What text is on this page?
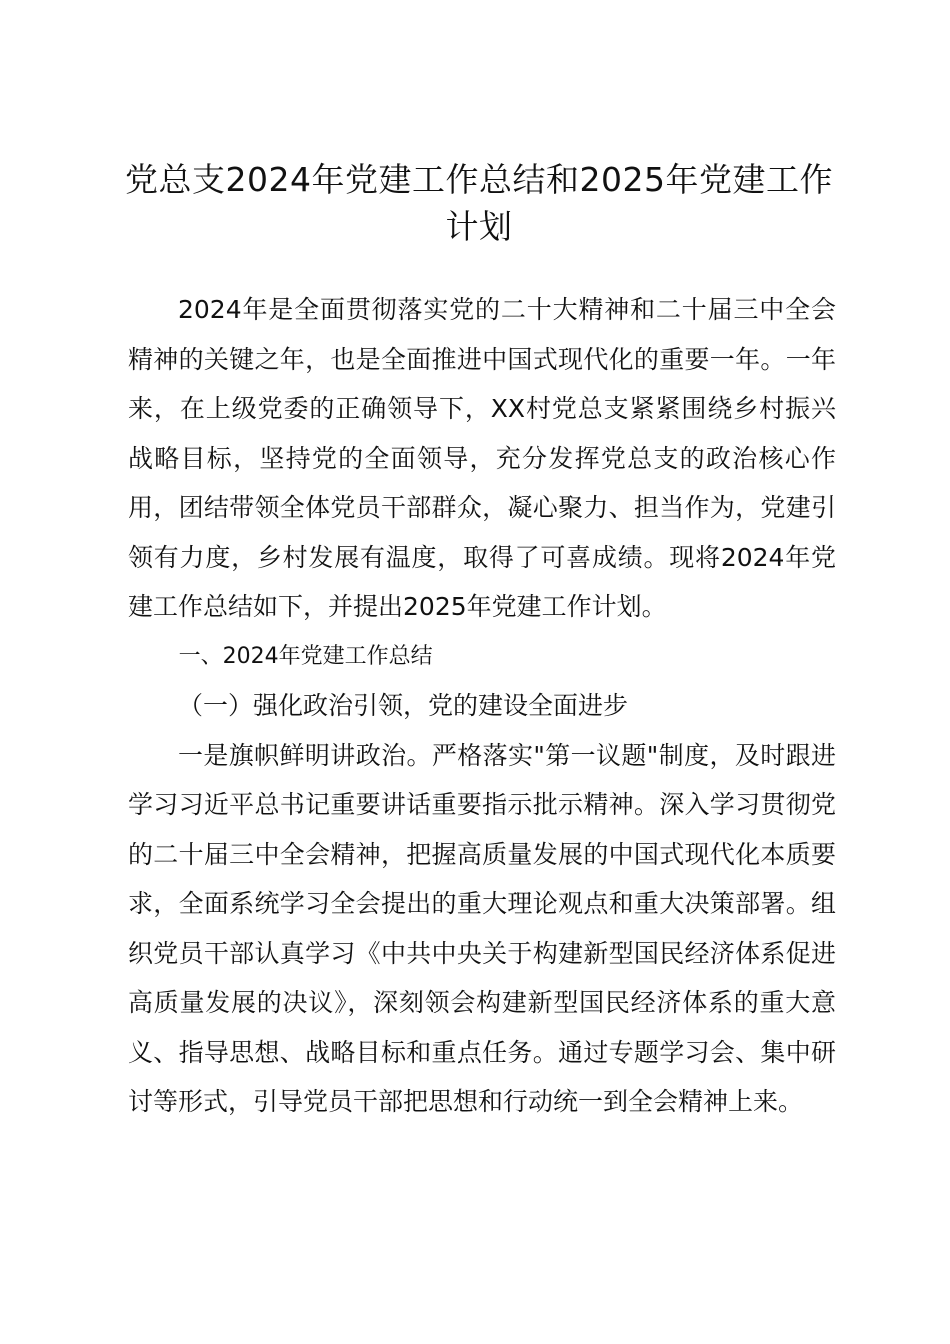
党总支2024年党建工作总结和2025年党建工作计划

2024年是全面贯彻落实党的二十大精神和二十届三中全会精神的关键之年，也是全面推进中国式现代化的重要一年。一年来，在上级党委的正确领导下，XX村党总支紧紧围绕乡村振兴战略目标，坚持党的全面领导，充分发挥党总支的政治核心作用，团结带领全体党员干部群众，凝心聚力、担当作为，党建引领有力度，乡村发展有温度，取得了可喜成绩。现将2024年党建工作总结如下，并提出2025年党建工作计划。

一、2024年党建工作总结

（一）强化政治引领，党的建设全面进步

一是旗帜鲜明讲政治。严格落实"第一议题"制度，及时跟进学习习近平总书记重要讲话重要指示批示精神。深入学习贯彻党的二十届三中全会精神，把握高质量发展的中国式现代化本质要求，全面系统学习全会提出的重大理论观点和重大决策部署。组织党员干部认真学习《中共中央关于构建新型国民经济体系促进高质量发展的决议》，深刻领会构建新型国民经济体系的重大意义、指导思想、战略目标和重点任务。通过专题学习会、集中研讨等形式，引导党员干部把思想和行动统一到全会精神上来。
